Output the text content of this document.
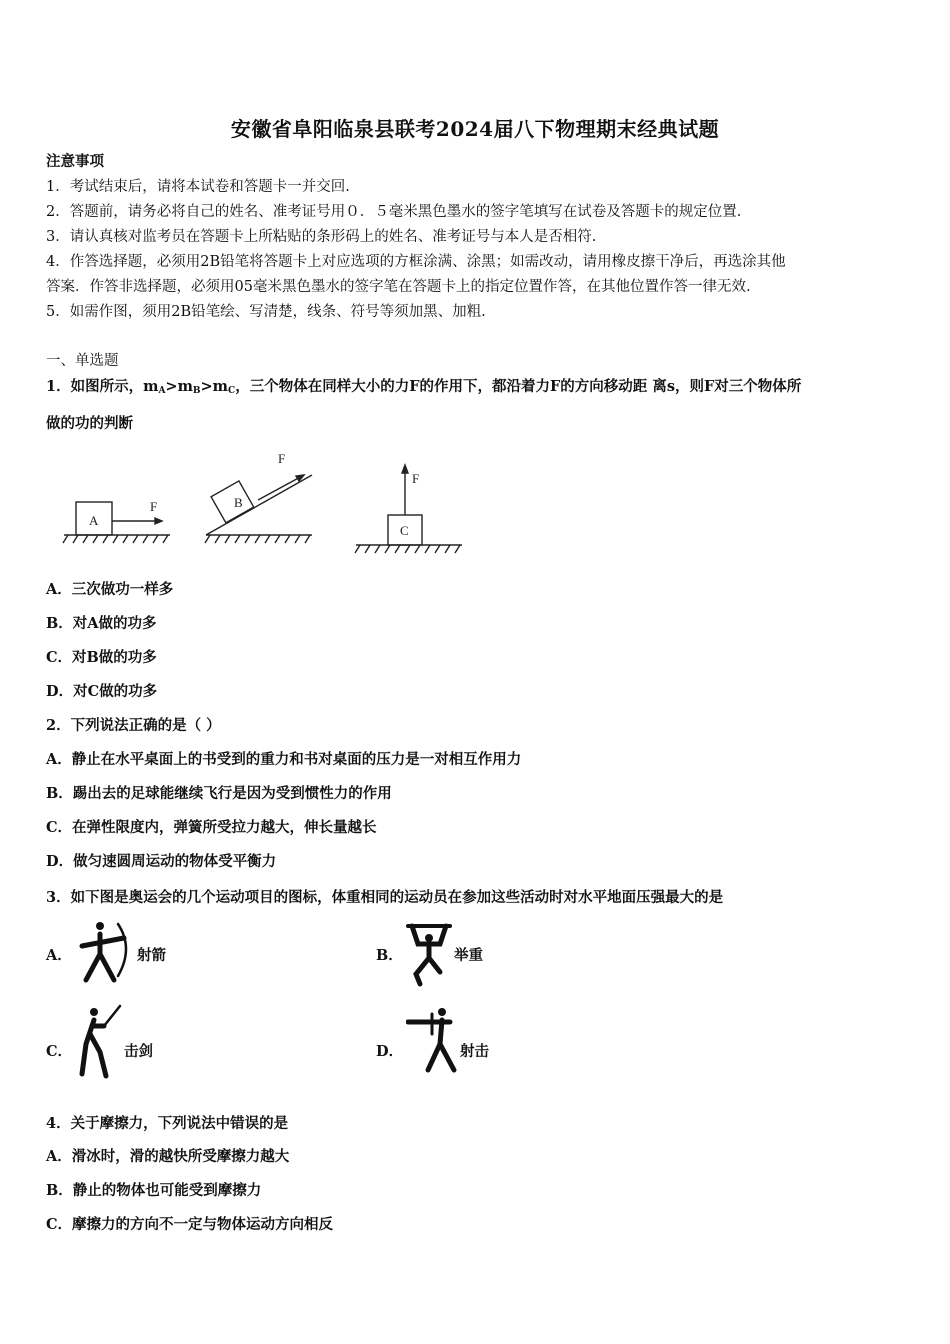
安徽省阜阳临泉县联考2024届八下物理期末经典试题
注意事项
1．考试结束后，请将本试卷和答题卡一并交回.
2．答题前，请务必将自己的姓名、准考证号用０．５毫米黑色墨水的签字笔填写在试卷及答题卡的规定位置.
3．请认真核对监考员在答题卡上所粘贴的条形码上的姓名、准考证号与本人是否相符.
4．作答选择题，必须用2B铅笔将答题卡上对应选项的方框涂满、涂黑；如需改动，请用橡皮擦干净后，再选涂其他
答案．作答非选择题，必须用05毫米黑色墨水的签字笔在答题卡上的指定位置作答，在其他位置作答一律无效.
5．如需作图，须用2B铅笔绘、写清楚，线条、符号等须加黑、加粗.
一、单选题
1．如图所示，$m_A>m_B>m_C$，三个物体在同样大小的力F的作用下，都沿着力F的方向移动距 离s，则F对三个物体所
做的功的判断
A
F	B
F
C
F
A．三次做功一样多
B．对A做的功多
C．对B做的功多
D．对C做的功多
2．下列说法正确的是（ ）
A．静止在水平桌面上的书受到的重力和书对桌面的压力是一对相互作用力
B．踢出去的足球能继续飞行是因为受到惯性力的作用
C．在弹性限度内，弹簧所受拉力越大，伸长量越长
D．做匀速圆周运动的物体受平衡力
3．如下图是奥运会的几个运动项目的图标，体重相同的运动员在参加这些活动时对水平地面压强最大的是
A．	射箭	B．	举重
C．	击剑	D．	射击
4．关于摩擦力，下列说法中错误的是
A．滑冰时，滑的越快所受摩擦力越大
B．静止的物体也可能受到摩擦力
C．摩擦力的方向不一定与物体运动方向相反
